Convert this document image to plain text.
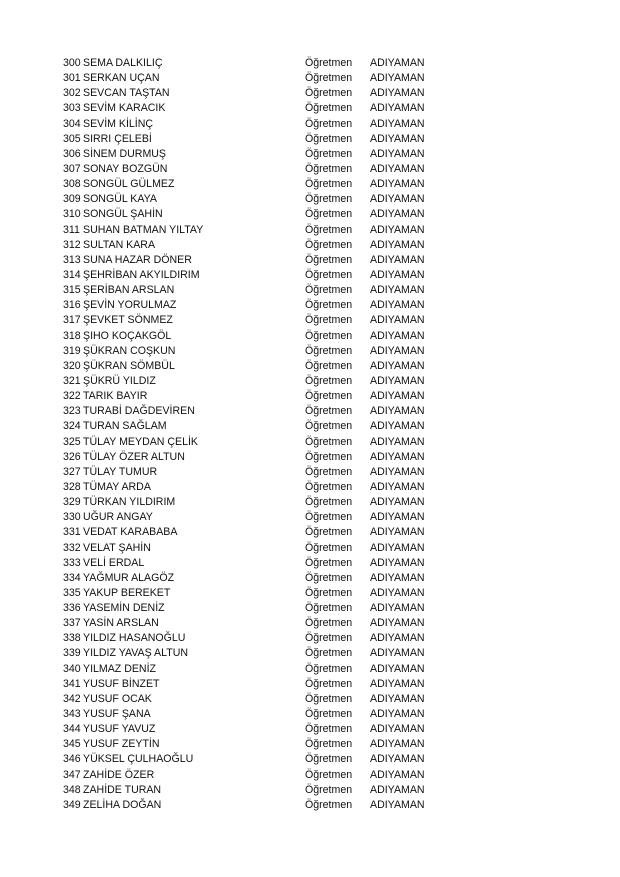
300 SEMA DALKILIÇ	Öğretmen ADIYAMAN
301 SERKAN UÇAN	Öğretmen ADIYAMAN
302 SEVCAN TAŞTAN	Öğretmen ADIYAMAN
303 SEVİM KARACIK	Öğretmen ADIYAMAN
304 SEVİM KİLİNÇ	Öğretmen ADIYAMAN
305 SIRRI ÇELEBİ	Öğretmen ADIYAMAN
306 SİNEM DURMUŞ	Öğretmen ADIYAMAN
307 SONAY BOZGÜN	Öğretmen ADIYAMAN
308 SONGÜL GÜLMEZ	Öğretmen ADIYAMAN
309 SONGÜL KAYA	Öğretmen ADIYAMAN
310 SONGÜL ŞAHİN	Öğretmen ADIYAMAN
311 SUHAN BATMAN YILTAY	Öğretmen ADIYAMAN
312 SULTAN KARA	Öğretmen ADIYAMAN
313 SUNA HAZAR DÖNER	Öğretmen ADIYAMAN
314 ŞEHRİBAN AKYILDIRIM	Öğretmen ADIYAMAN
315 ŞERİBAN ARSLAN	Öğretmen ADIYAMAN
316 ŞEVİN YORULMAZ	Öğretmen ADIYAMAN
317 ŞEVKET SÖNMEZ	Öğretmen ADIYAMAN
318 ŞIHO KOÇAKGÖL	Öğretmen ADIYAMAN
319 ŞÜKRAN COŞKUN	Öğretmen ADIYAMAN
320 ŞÜKRAN SÖMBÜL	Öğretmen ADIYAMAN
321 ŞÜKRÜ YILDIZ	Öğretmen ADIYAMAN
322 TARIK BAYIR	Öğretmen ADIYAMAN
323 TURABİ DAĞDEVİREN	Öğretmen ADIYAMAN
324 TURAN SAĞLAM	Öğretmen ADIYAMAN
325 TÜLAY MEYDAN ÇELİK	Öğretmen ADIYAMAN
326 TÜLAY ÖZER ALTUN	Öğretmen ADIYAMAN
327 TÜLAY TUMUR	Öğretmen ADIYAMAN
328 TÜMAY ARDA	Öğretmen ADIYAMAN
329 TÜRKAN YILDIRIM	Öğretmen ADIYAMAN
330 UĞUR ANGAY	Öğretmen ADIYAMAN
331 VEDAT KARABABA	Öğretmen ADIYAMAN
332 VELAT ŞAHİN	Öğretmen ADIYAMAN
333 VELİ ERDAL	Öğretmen ADIYAMAN
334 YAĞMUR ALAGÖZ	Öğretmen ADIYAMAN
335 YAKUP BEREKET	Öğretmen ADIYAMAN
336 YASEMİN DENİZ	Öğretmen ADIYAMAN
337 YASİN ARSLAN	Öğretmen ADIYAMAN
338 YILDIZ HASANOĞLU	Öğretmen ADIYAMAN
339 YILDIZ YAVAŞ ALTUN	Öğretmen ADIYAMAN
340 YILMAZ DENİZ	Öğretmen ADIYAMAN
341 YUSUF BİNZET	Öğretmen ADIYAMAN
342 YUSUF OCAK	Öğretmen ADIYAMAN
343 YUSUF ŞANA	Öğretmen ADIYAMAN
344 YUSUF YAVUZ	Öğretmen ADIYAMAN
345 YUSUF ZEYTİN	Öğretmen ADIYAMAN
346 YÜKSEL ÇULHAOĞLU	Öğretmen ADIYAMAN
347 ZAHİDE ÖZER	Öğretmen ADIYAMAN
348 ZAHİDE TURAN	Öğretmen ADIYAMAN
349 ZELİHA DOĞAN	Öğretmen ADIYAMAN
